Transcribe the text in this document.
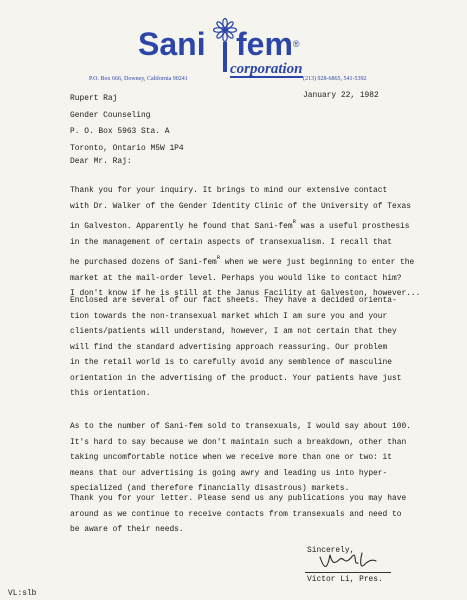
Sani fem®
corporation
P.O. Box 666, Downey, California 90241	(213) 928-6865, 541-5392
Rupert Raj
Gender Counseling
P. O. Box 5963 Sta. A
Toronto, Ontario M5W 1P4
January 22, 1982
Dear Mr. Raj:
Thank you for your inquiry. It brings to mind our extensive contact
with Dr. Walker of the Gender Identity Clinic of the University of Texas
in Galveston. Apparently he found that Sani-fem$^R$ was a useful prosthesis
in the management of certain aspects of transexualism. I recall that
he purchased dozens of Sani-fem$^R$ when we were just beginning to enter the
market at the mail-order level. Perhaps you would like to contact him?
I don't know if he is still at the Janus Facility at Galveston, however...
Enclosed are several of our fact sheets. They have a decided orienta-
tion towards the non-transexual market which I am sure you and your
clients/patients will understand, however, I am not certain that they
will find the standard advertising approach reassuring. Our problem
in the retail world is to carefully avoid any semblence of masculine
orientation in the advertising of the product. Your patients have just
this orientation.
As to the number of Sani-fem sold to transexuals, I would say about 100.
It's hard to say because we don't maintain such a breakdown, other than
taking uncomfortable notice when we receive more than one or two: it
means that our advertising is going awry and leading us into hyper-
specialized (and therefore financially disastrous) markets.
Thank you for your letter. Please send us any publications you may have
around as we continue to receive contacts from transexuals and need to
be aware of their needs.
Sincerely,
Victor Li, Pres.
VL:slb
